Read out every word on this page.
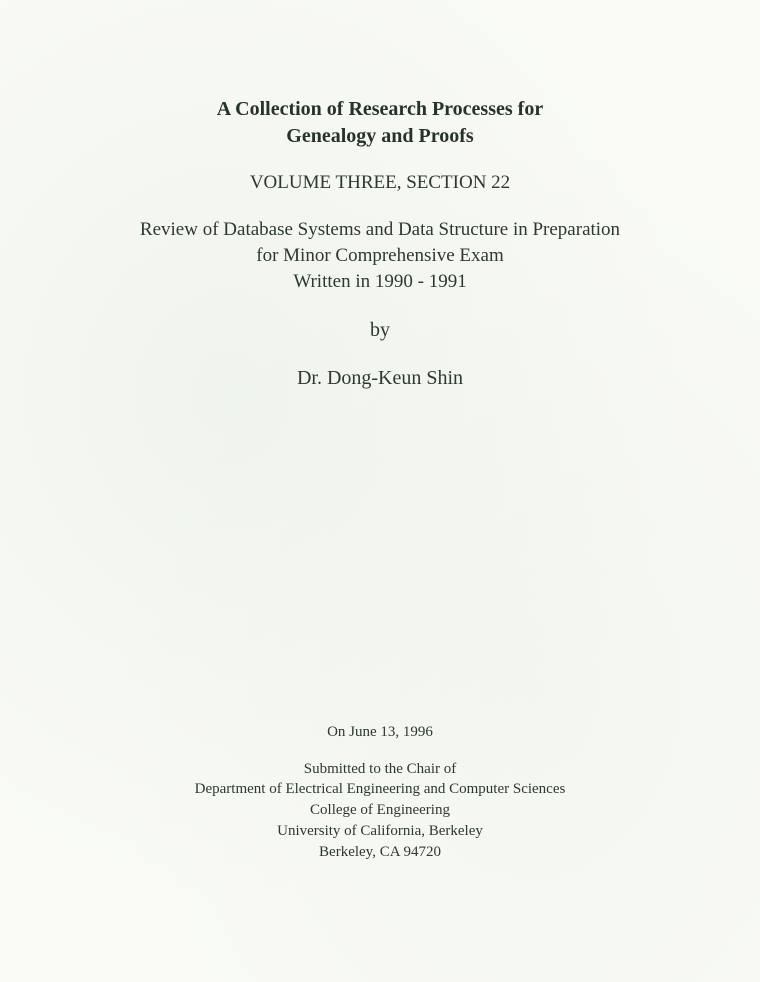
A Collection of Research Processes for
Genealogy and Proofs
VOLUME THREE, SECTION 22
Review of Database Systems and Data Structure in Preparation
for Minor Comprehensive Exam
Written in 1990 - 1991
by
Dr. Dong-Keun Shin
On June 13, 1996
Submitted to the Chair of
Department of Electrical Engineering and Computer Sciences
College of Engineering
University of California, Berkeley
Berkeley, CA 94720
